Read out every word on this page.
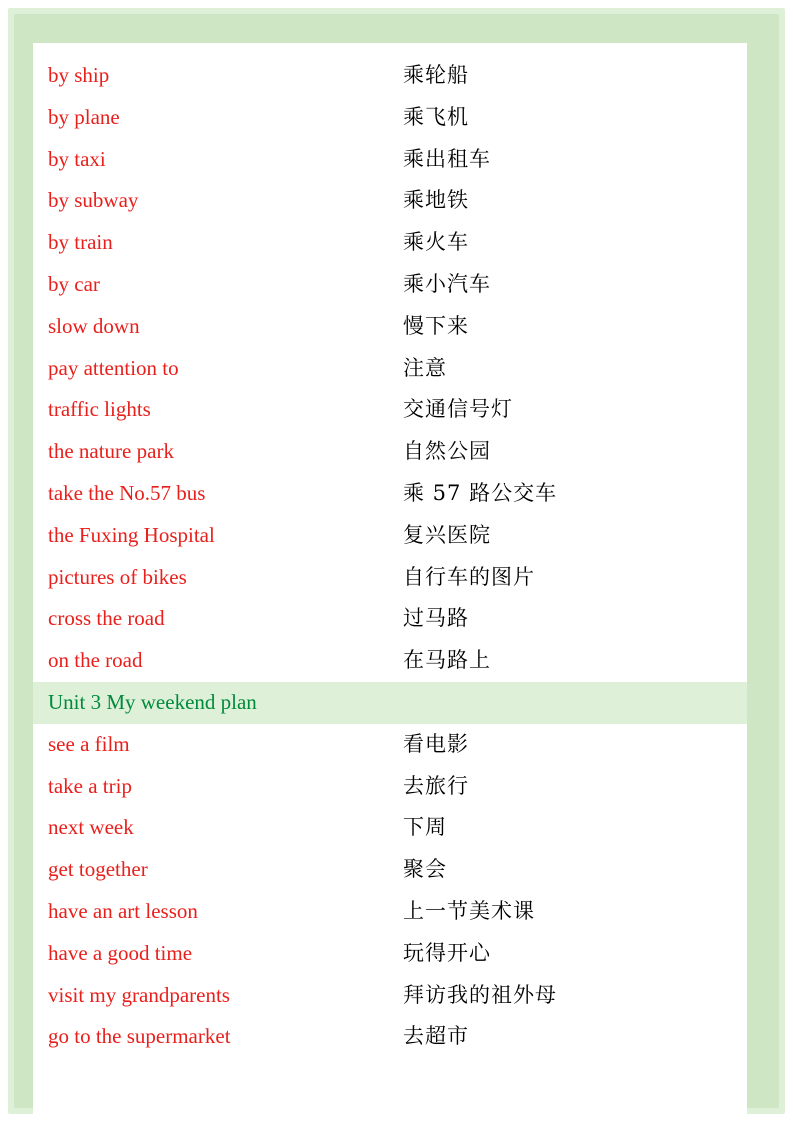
by ship	乘轮船
by plane	乘飞机
by taxi	乘出租车
by subway	乘地铁
by train	乘火车
by car	乘小汽车
slow down	慢下来
pay attention to	注意
traffic lights	交通信号灯
the nature park	自然公园
take the No.57 bus	乘 57 路公交车
the Fuxing Hospital	复兴医院
pictures of bikes	自行车的图片
cross the road	过马路
on the road	在马路上
Unit 3 My weekend plan
see a film	看电影
take a trip	去旅行
next week	下周
get together	聚会
have an art lesson	上一节美术课
have a good time	玩得开心
visit my grandparents	拜访我的祖外母
go to the supermarket	去超市
